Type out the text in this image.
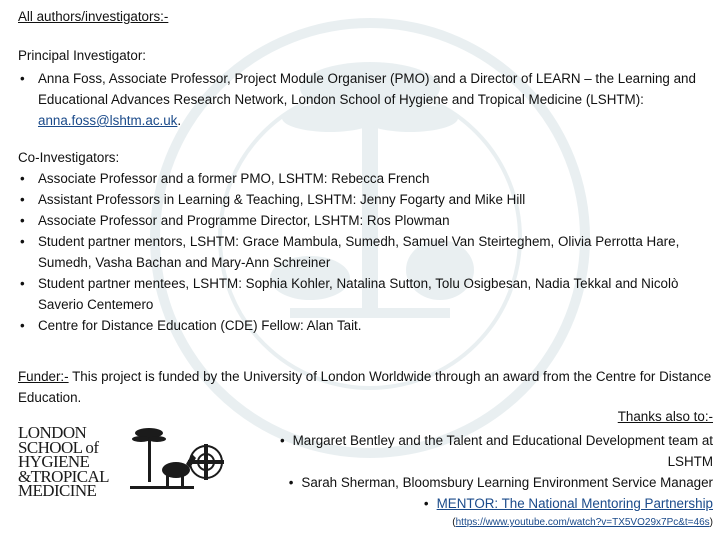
All authors/investigators:-
Principal Investigator:
• Anna Foss, Associate Professor, Project Module Organiser (PMO) and a Director of LEARN – the Learning and Educational Advances Research Network, London School of Hygiene and Tropical Medicine (LSHTM): anna.foss@lshtm.ac.uk.
Co-Investigators:
• Associate Professor and a former PMO, LSHTM: Rebecca French
• Assistant Professors in Learning & Teaching, LSHTM: Jenny Fogarty and Mike Hill
• Associate Professor and Programme Director, LSHTM: Ros Plowman
• Student partner mentors, LSHTM: Grace Mambula, Sumedh, Samuel Van Steirteghem, Olivia Perrotta Hare, Sumedh, Vasha Bachan and Mary-Ann Schreiner
• Student partner mentees, LSHTM: Sophia Kohler, Natalina Sutton, Tolu Osigbesan, Nadia Tekkal and Nicolò Saverio Centemero
• Centre for Distance Education (CDE) Fellow: Alan Tait.
Funder:- This project is funded by the University of London Worldwide through an award from the Centre for Distance Education.
Thanks also to:-
• Margaret Bentley and the Talent and Educational Development team at LSHTM
• Sarah Sherman, Bloomsbury Learning Environment Service Manager
• MENTOR: The National Mentoring Partnership
(https://www.youtube.com/watch?v=TX5VO29x7Pc&t=46s)
LONDON
SCHOOL of
HYGIENE
&TROPICAL
MEDICINE
